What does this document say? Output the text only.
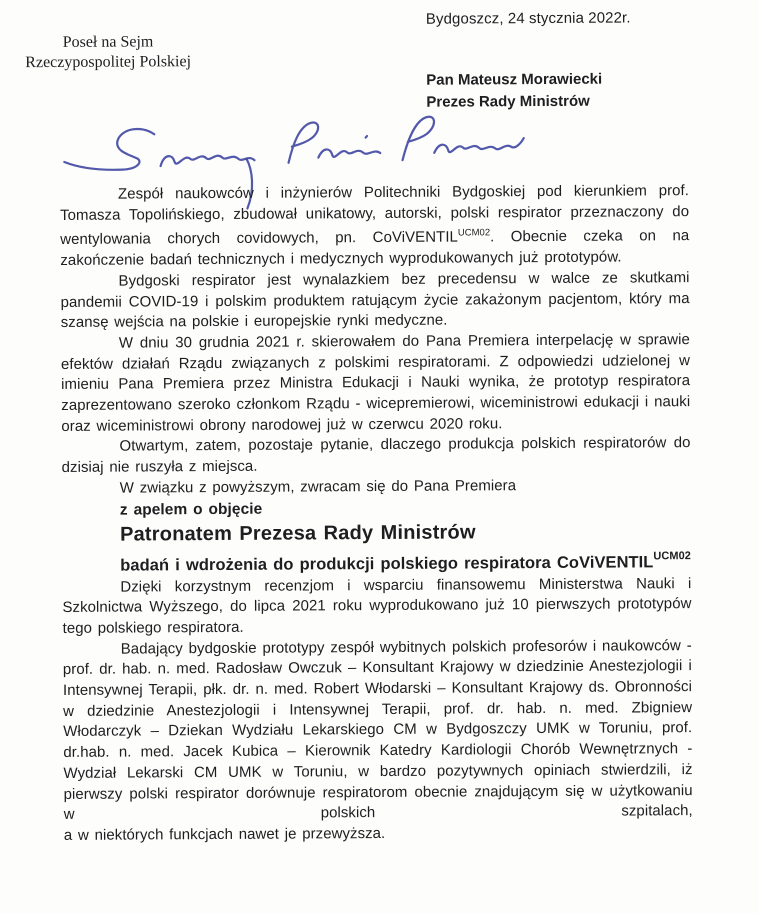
Bydgoszcz, 24 stycznia 2022r.
Poseł na Sejm
Rzeczypospolitej Polskiej
Pan Mateusz Morawiecki
Prezes Rady Ministrów

Zespół naukowców i inżynierów Politechniki Bydgoskiej pod kierunkiem prof. Tomasza Topolińskiego, zbudował unikatowy, autorski, polski respirator przeznaczony do wentylowania chorych covidowych, pn. CoViVENTIL$^{UCM02}$. Obecnie czeka on na zakończenie badań technicznych i medycznych wyprodukowanych już prototypów.

Bydgoski respirator jest wynalazkiem bez precedensu w walce ze skutkami pandemii COVID-19 i polskim produktem ratującym życie zakażonym pacjentom, który ma szansę wejścia na polskie i europejskie rynki medyczne.

W dniu 30 grudnia 2021 r. skierowałem do Pana Premiera interpelację w sprawie efektów działań Rządu związanych z polskimi respiratorami. Z odpowiedzi udzielonej w imieniu Pana Premiera przez Ministra Edukacji i Nauki wynika, że prototyp respiratora zaprezentowano szeroko członkom Rządu - wicepremierowi, wiceministrowi edukacji i nauki oraz wiceministrowi obrony narodowej już w czerwcu 2020 roku.

Otwartym, zatem, pozostaje pytanie, dlaczego produkcja polskich respiratorów do dzisiaj nie ruszyła z miejsca.

W związku z powyższym, zwracam się do Pana Premiera

z apelem o objęcie

Patronatem Prezesa Rady Ministrów

badań i wdrożenia do produkcji polskiego respiratora CoViVENTIL$^{UCM02}$

Dzięki korzystnym recenzjom i wsparciu finansowemu Ministerstwa Nauki i Szkolnictwa Wyższego, do lipca 2021 roku wyprodukowano już 10 pierwszych prototypów tego polskiego respiratora.

Badający bydgoskie prototypy zespół wybitnych polskich profesorów i naukowców - prof. dr. hab. n. med. Radosław Owczuk – Konsultant Krajowy w dziedzinie Anestezjologii i Intensywnej Terapii, płk. dr. n. med. Robert Włodarski – Konsultant Krajowy ds. Obronności w dziedzinie Anestezjologii i Intensywnej Terapii, prof. dr. hab. n. med. Zbigniew Włodarczyk – Dziekan Wydziału Lekarskiego CM w Bydgoszczy UMK w Toruniu, prof. dr.hab. n. med. Jacek Kubica – Kierownik Katedry Kardiologii Chorób Wewnętrznych - Wydział Lekarski CM UMK w Toruniu, w bardzo pozytywnych opiniach stwierdzili, iż pierwszy polski respirator dorównuje respiratorom obecnie znajdującym się w użytkowaniu w polskich szpitalach,

a w niektórych funkcjach nawet je przewyższa.
